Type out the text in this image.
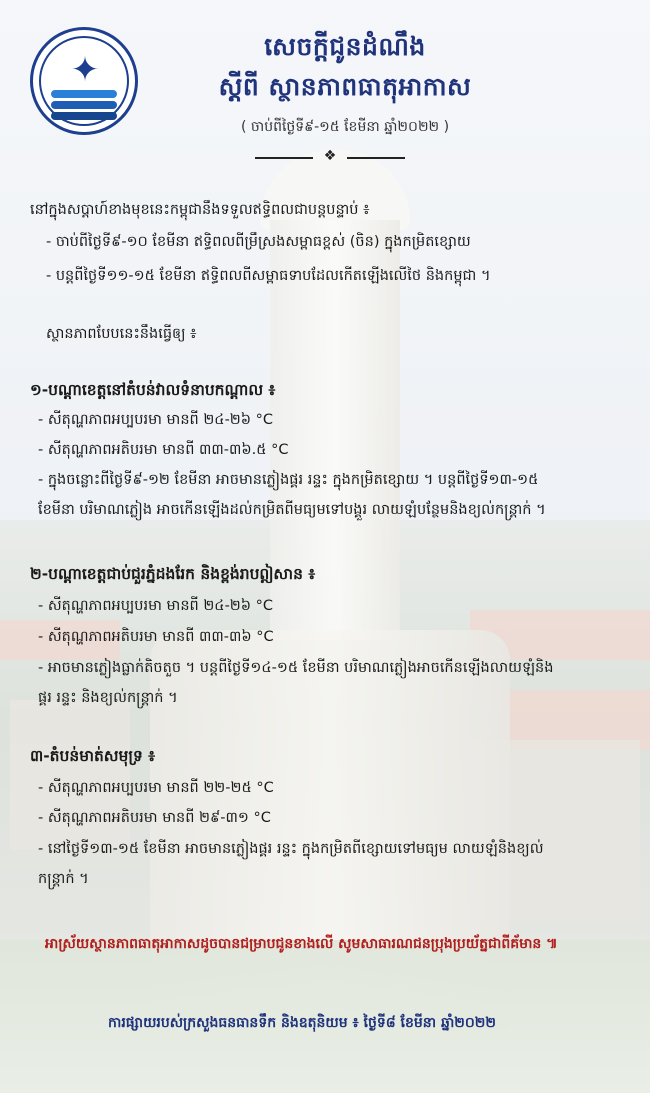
✦
សេចក្តីជូនដំណឹង
ស្តីពី ស្ថានភាពធាតុអាកាស
( ចាប់ពីថ្ងៃទី៩-១៥ ខែមីនា ឆ្នាំ២០២២ )
❖
នៅក្នុងសប្តាហ៍ខាងមុខនេះកម្ពុជានឹងទទួលឥទ្ធិពលជាបន្តបន្ទាប់ ៖
- ចាប់ពីថ្ងៃទី៩-១០ ខែមីនា ឥទ្ធិពលពីម្រឹស្រងសម្ពាធខ្ពស់ (ចិន) ក្នុងកម្រិតខ្សោយ
- បន្តពីថ្ងៃទី១១-១៥ ខែមីនា ឥទ្ធិពលពីសម្ពាធទាបដែលកើតឡើងលើថៃ និងកម្ពុជា ។
ស្ថានភាពបែបនេះនឹងធ្វើឲ្យ ៖
១-បណ្តាខេត្តនៅតំបន់វាលទំនាបកណ្តាល ៖
- សីតុណ្ហភាពអប្បបរមា មានពី ២៤-២៦ °C
- សីតុណ្ហភាពអតិបរមា មានពី ៣៣-៣៦.៥ °C
- ក្នុងចន្លោះពីថ្ងៃទី៩-១២ ខែមីនា អាចមានភ្លៀងផ្គរ រន្ទះ ក្នុងកម្រិតខ្សោយ ។ បន្តពីថ្ងៃទី១៣-១៥
ខែមីនា បរិមាណភ្លៀង អាចកើនឡើងដល់កម្រិតពីមធ្យមទៅបង្គួរ លាយឡំបន្ថែមនិងខ្យល់កន្ត្រាក់ ។
២-បណ្តាខេត្តជាប់ជួរភ្នំដងរែក និងខ្ពង់រាបឦសាន ៖
- សីតុណ្ហភាពអប្បបរមា មានពី ២៤-២៦ °C
- សីតុណ្ហភាពអតិបរមា មានពី ៣៣-៣៦ °C
- អាចមានភ្លៀងធ្លាក់តិចតួច ។ បន្តពីថ្ងៃទី១៤-១៥ ខែមីនា បរិមាណភ្លៀងអាចកើនឡើងលាយឡំនិង
ផ្គរ រន្ទះ និងខ្យល់កន្ត្រាក់ ។
៣-តំបន់មាត់សមុទ្រ ៖
- សីតុណ្ហភាពអប្បបរមា មានពី ២២-២៥ °C
- សីតុណ្ហភាពអតិបរមា មានពី ២៩-៣១ °C
- នៅថ្ងៃទី១៣-១៥ ខែមីនា អាចមានភ្លៀងផ្គរ រន្ទះ ក្នុងកម្រិតពីខ្សោយទៅមធ្យម លាយឡំនិងខ្យល់
កន្ត្រាក់ ។
អាស្រ័យស្ថានភាពធាតុអាកាសដូចបានជម្រាបជូនខាងលើ សូមសាធារណជនប្រុងប្រយ័ត្នជាពីគ័មាន ៕
ការផ្សាយរបស់ក្រសួងធនធានទឹក និងឧតុនិយម ៖ ថ្ងៃទី៨ ខែមីនា ឆ្នាំ២០២២
